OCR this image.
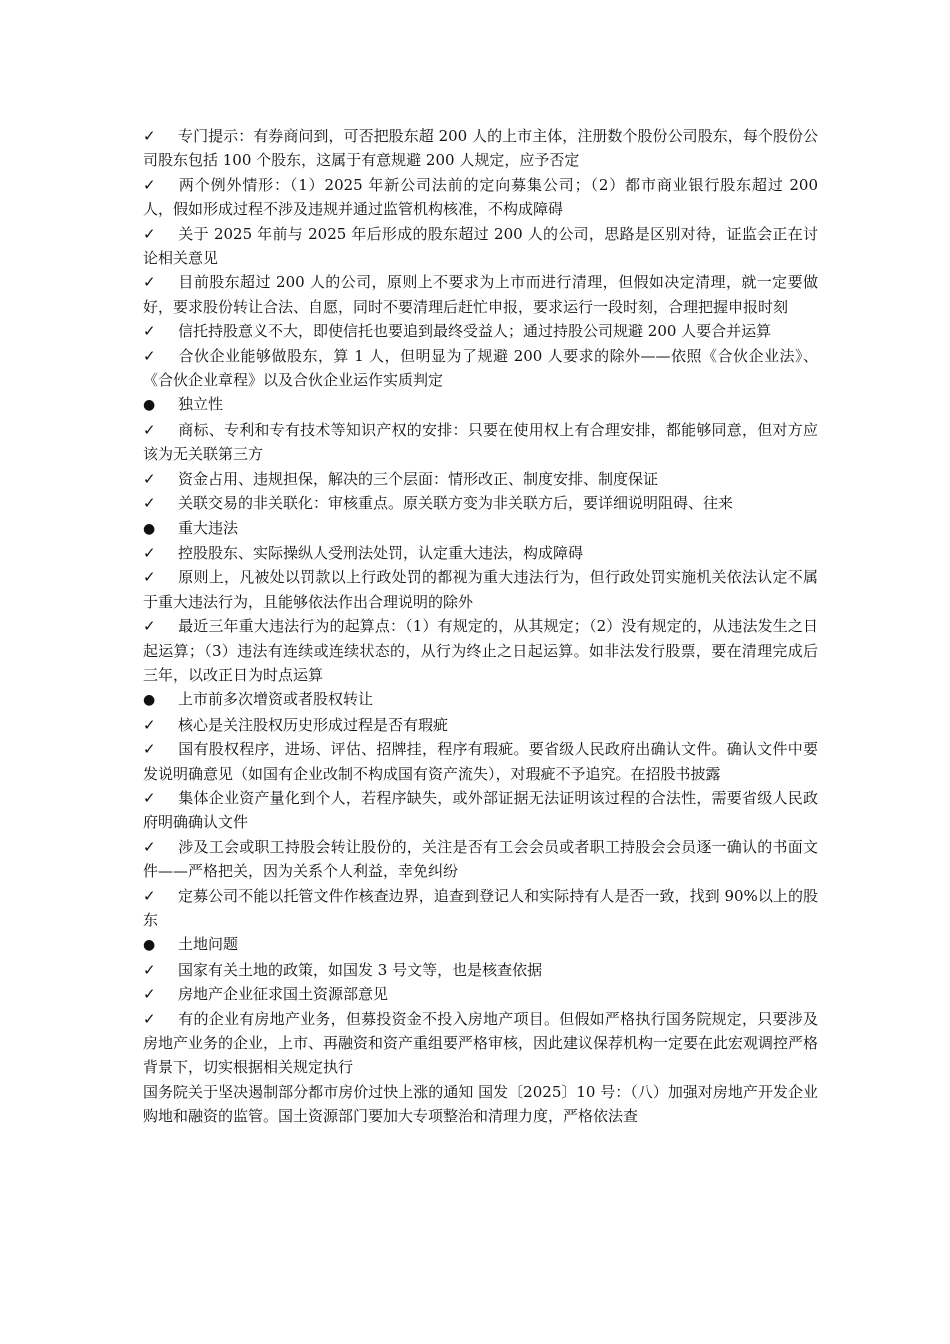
✓ 专门提示：有券商问到，可否把股东超 200 人的上市主体，注册数个股份公司股东，每个股份公司股东包括 100 个股东，这属于有意规避 200 人规定，应予否定
✓ 两个例外情形：（1）2025 年新公司法前的定向募集公司；（2）都市商业银行股东超过 200 人，假如形成过程不涉及违规并通过监管机构核准，不构成障碍
✓ 关于 2025 年前与 2025 年后形成的股东超过 200 人的公司，思路是区别对待，证监会正在讨论相关意见
✓ 目前股东超过 200 人的公司，原则上不要求为上市而进行清理，但假如决定清理，就一定要做好，要求股份转让合法、自愿，同时不要清理后赶忙申报，要求运行一段时刻，合理把握申报时刻
✓ 信托持股意义不大，即使信托也要追到最终受益人；通过持股公司规避 200 人要合并运算
✓ 合伙企业能够做股东，算 1 人，但明显为了规避 200 人要求的除外——依照《合伙企业法》、《合伙企业章程》以及合伙企业运作实质判定
● 独立性
✓ 商标、专利和专有技术等知识产权的安排：只要在使用权上有合理安排，都能够同意，但对方应该为无关联第三方
✓ 资金占用、违规担保，解决的三个层面：情形改正、制度安排、制度保证
✓ 关联交易的非关联化：审核重点。原关联方变为非关联方后，要详细说明阻碍、往来
● 重大违法
✓ 控股股东、实际操纵人受刑法处罚，认定重大违法，构成障碍
✓ 原则上，凡被处以罚款以上行政处罚的都视为重大违法行为，但行政处罚实施机关依法认定不属于重大违法行为，且能够依法作出合理说明的除外
✓ 最近三年重大违法行为的起算点：（1）有规定的，从其规定；（2）没有规定的，从违法发生之日起运算；（3）违法有连续或连续状态的，从行为终止之日起运算。如非法发行股票，要在清理完成后三年，以改正日为时点运算
● 上市前多次增资或者股权转让
✓ 核心是关注股权历史形成过程是否有瑕疵
✓ 国有股权程序，进场、评估、招牌挂，程序有瑕疵。要省级人民政府出确认文件。确认文件中要发说明确意见（如国有企业改制不构成国有资产流失），对瑕疵不予追究。在招股书披露
✓ 集体企业资产量化到个人，若程序缺失，或外部证据无法证明该过程的合法性，需要省级人民政府明确确认文件
✓ 涉及工会或职工持股会转让股份的，关注是否有工会会员或者职工持股会会员逐一确认的书面文件——严格把关，因为关系个人利益，幸免纠纷
✓ 定募公司不能以托管文件作核查边界，追查到登记人和实际持有人是否一致，找到 90%以上的股东
● 土地问题
✓ 国家有关土地的政策，如国发 3 号文等，也是核查依据
✓ 房地产企业征求国土资源部意见
✓ 有的企业有房地产业务，但募投资金不投入房地产项目。但假如严格执行国务院规定，只要涉及房地产业务的企业，上市、再融资和资产重组要严格审核，因此建议保荐机构一定要在此宏观调控严格背景下，切实根据相关规定执行
国务院关于坚决遏制部分都市房价过快上涨的通知 国发〔2025〕10 号：（八）加强对房地产开发企业购地和融资的监管。国土资源部门要加大专项整治和清理力度，严格依法查
